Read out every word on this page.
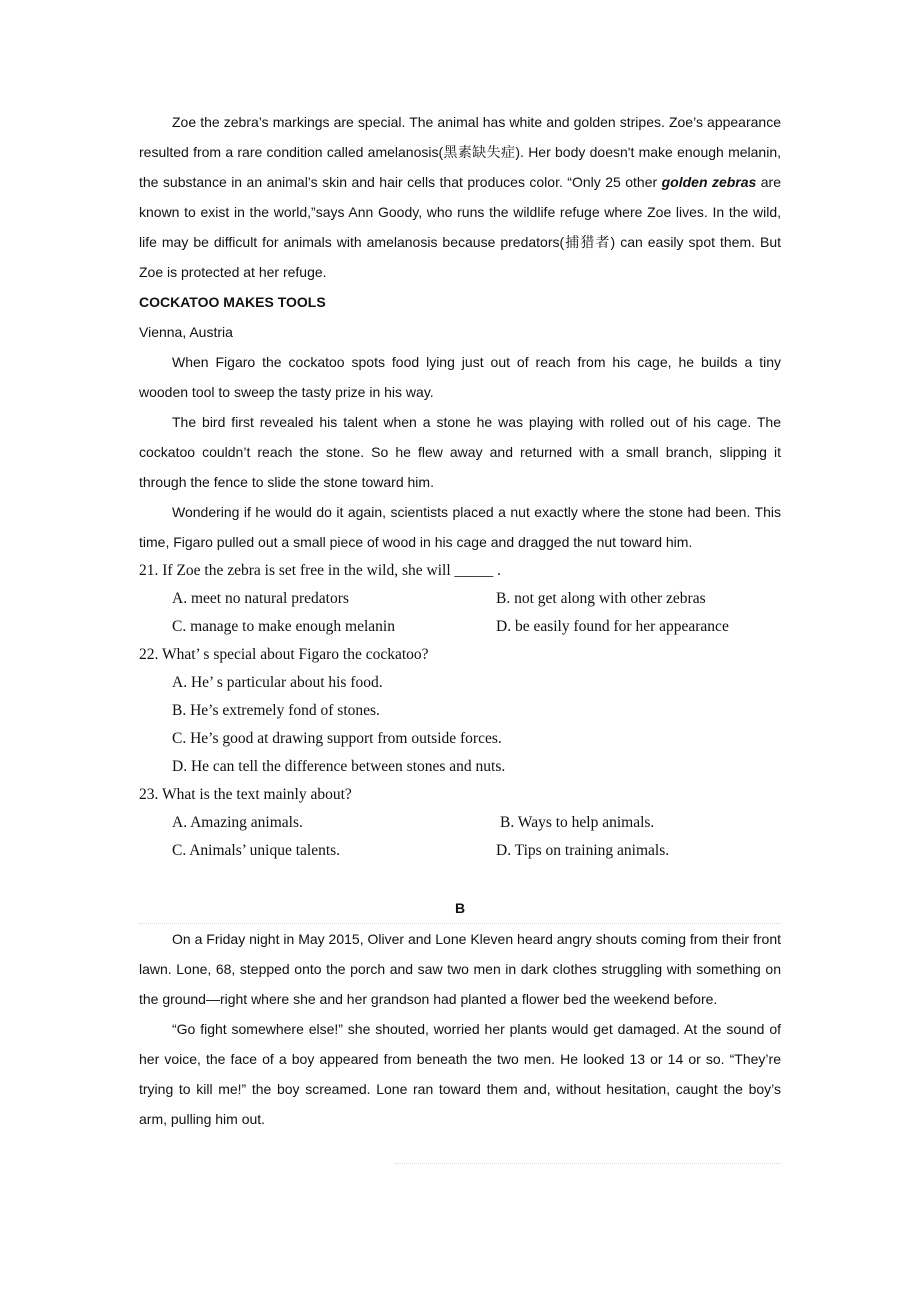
Zoe the zebra’s markings are special. The animal has white and golden stripes. Zoe’s appearance resulted from a rare condition called amelanosis(黑素缺失症). Her body doesn't make enough melanin, the substance in an animal’s skin and hair cells that produces color. “Only 25 other golden zebras are known to exist in the world,”says Ann Goody, who runs the wildlife refuge where Zoe lives. In the wild, life may be difficult for animals with amelanosis because predators(捕猎者) can easily spot them. But Zoe is protected at her refuge.

COCKATOO MAKES TOOLS

Vienna, Austria

When Figaro the cockatoo spots food lying just out of reach from his cage, he builds a tiny wooden tool to sweep the tasty prize in his way.

The bird first revealed his talent when a stone he was playing with rolled out of his cage. The cockatoo couldn’t reach the stone. So he flew away and returned with a small branch, slipping it through the fence to slide the stone toward him.

Wondering if he would do it again, scientists placed a nut exactly where the stone had been. This time, Figaro pulled out a small piece of wood in his cage and dragged the nut toward him.

21. If Zoe the zebra is set free in the wild, she will _____ .

A. meet no natural predators	B. not get along with other zebras

C. manage to make enough melanin	D. be easily found for her appearance

22. What’ s special about Figaro the cockatoo?

A. He’ s particular about his food.

B. He’s extremely fond of stones.

C. He’s good at drawing support from outside forces.

D. He can tell the difference between stones and nuts.

23. What is the text mainly about?

A. Amazing animals.	B. Ways to help animals.

C. Animals’ unique talents.	D. Tips on training animals.

B

On a Friday night in May 2015, Oliver and Lone Kleven heard angry shouts coming from their front lawn. Lone, 68, stepped onto the porch and saw two men in dark clothes struggling with something on the ground—right where she and her grandson had planted a flower bed the weekend before.

“Go fight somewhere else!” she shouted, worried her plants would get damaged. At the sound of her voice, the face of a boy appeared from beneath the two men. He looked 13 or 14 or so. “They’re trying to kill me!” the boy screamed. Lone ran toward them and, without hesitation, caught the boy’s arm, pulling him out.
